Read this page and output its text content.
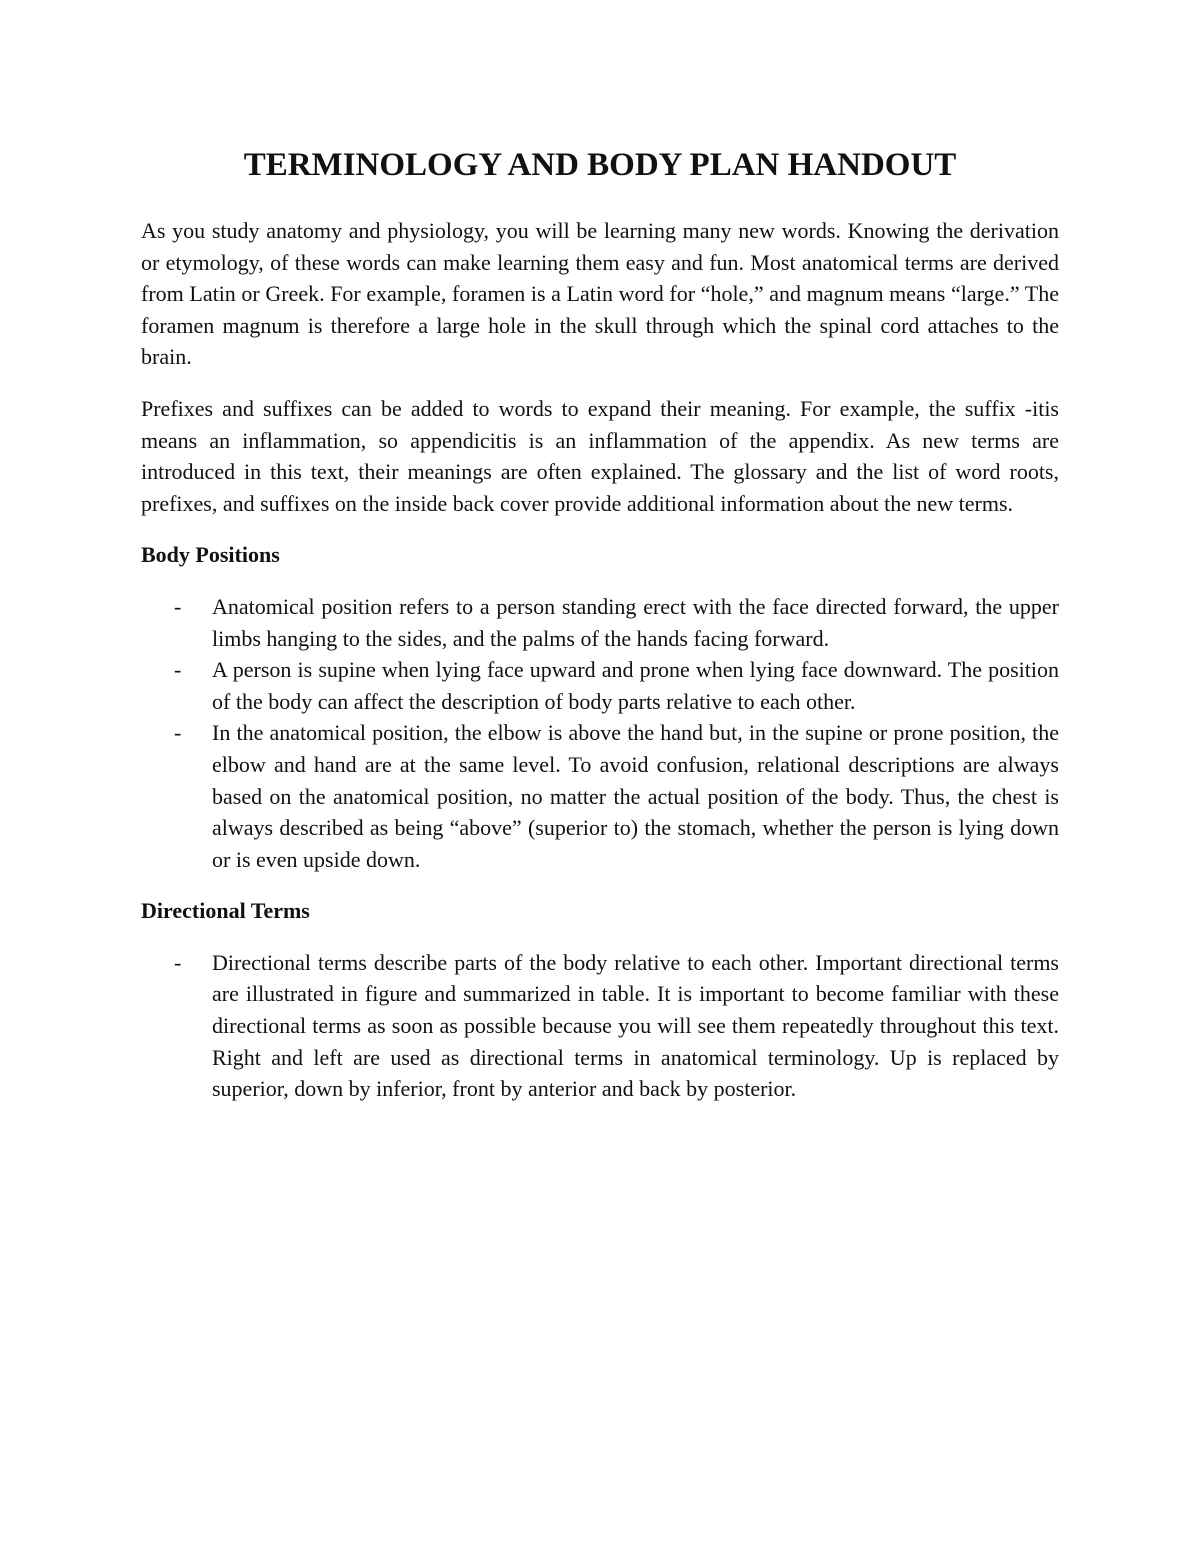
TERMINOLOGY AND BODY PLAN HANDOUT

As you study anatomy and physiology, you will be learning many new words. Knowing the derivation or etymology, of these words can make learning them easy and fun. Most anatomical terms are derived from Latin or Greek. For example, foramen is a Latin word for “hole,” and magnum means “large.” The foramen magnum is therefore a large hole in the skull through which the spinal cord attaches to the brain.

Prefixes and suffixes can be added to words to expand their meaning. For example, the suffix -itis means an inflammation, so appendicitis is an inflammation of the appendix. As new terms are introduced in this text, their meanings are often explained. The glossary and the list of word roots, prefixes, and suffixes on the inside back cover provide additional information about the new terms.

Body Positions
- Anatomical position refers to a person standing erect with the face directed forward, the upper limbs hanging to the sides, and the palms of the hands facing forward.
- A person is supine when lying face upward and prone when lying face downward. The position of the body can affect the description of body parts relative to each other.
- In the anatomical position, the elbow is above the hand but, in the supine or prone position, the elbow and hand are at the same level. To avoid confusion, relational descriptions are always based on the anatomical position, no matter the actual position of the body. Thus, the chest is always described as being “above” (superior to) the stomach, whether the person is lying down or is even upside down.
Directional Terms
- Directional terms describe parts of the body relative to each other. Important directional terms are illustrated in figure and summarized in table. It is important to become familiar with these directional terms as soon as possible because you will see them repeatedly throughout this text. Right and left are used as directional terms in anatomical terminology. Up is replaced by superior, down by inferior, front by anterior and back by posterior.
